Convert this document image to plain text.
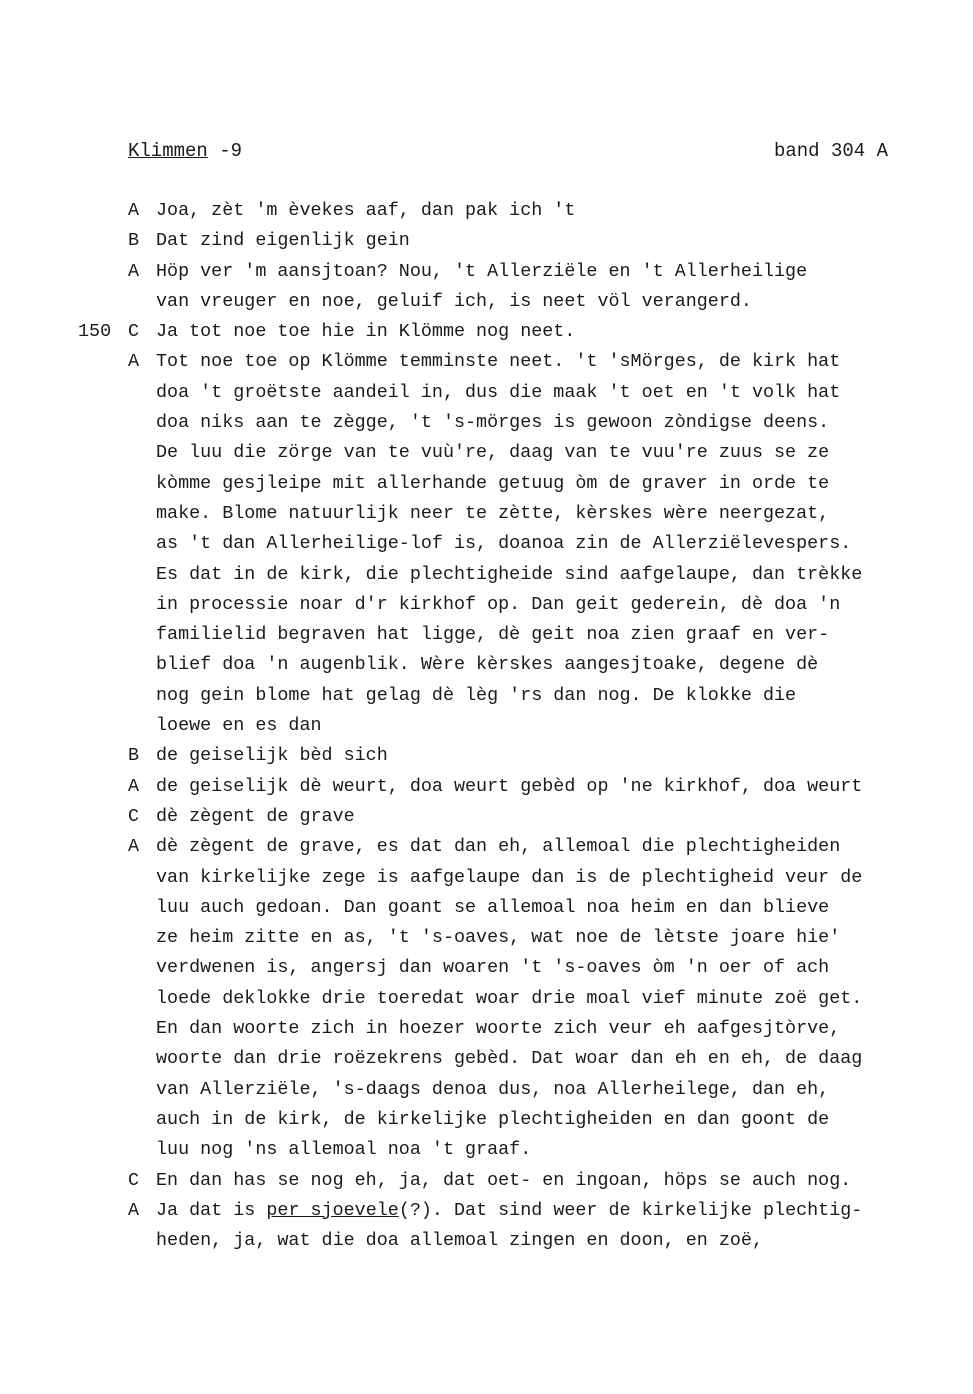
Klimmen -9	band 304 A
A Joa, zèt 'm èvekes aaf, dan pak ich 't
B Dat zind eigenlijk gein
A Höp ver 'm aansjtoan? Nou, 't Allerziële en 't Allerheilige
van vreuger en noe, geluif ich, is neet völ verangerd.
150 C Ja tot noe toe hie in Klömme nog neet.
A Tot noe toe op Klömme temminste neet. 't 'sMörges, de kirk hat
doa 't groëtste aandeil in, dus die maak 't oet en 't volk hat
doa niks aan te zègge, 't 's-mörges is gewoon zòndigse deens.
De luu die zörge van te vuù're, daag van te vuu're zuus se ze
kòmme gesjleipe mit allerhande getuug òm de graver in orde te
make. Blome natuurlijk neer te zètte, kèrskes wère neergezat,
as 't dan Allerheilige-lof is, doanoa zin de Allerziëlevespers.
Es dat in de kirk, die plechtigheide sind aafgelaupe, dan trèkke
in processie noar d'r kirkhof op. Dan geit gederein, dè doa 'n
familielid begraven hat ligge, dè geit noa zien graaf en ver-
blief doa 'n augenblik. Wère kèrskes aangesjtoake, degene dè
nog gein blome hat gelag dè lèg 'rs dan nog. De klokke die
loewe en es dan
B de geiselijk bèd sich
A de geiselijk dè weurt, doa weurt gebèd op 'ne kirkhof, doa weurt
C dè zègent de grave
A dè zègent de grave, es dat dan eh, allemoal die plechtigheiden
van kirkelijke zege is aafgelaupe dan is de plechtigheid veur de
luu auch gedoan. Dan goant se allemoal noa heim en dan blieve
ze heim zitte en as, 't 's-oaves, wat noe de lètste joare hie'
verdwenen is, angersj dan woaren 't 's-oaves òm 'n oer of ach
loede deklokke drie toeredat woar drie moal vief minute zoë get.
En dan woorte zich in hoezer woorte zich veur eh aafgesjtòrve,
woorte dan drie roëzekrens gebèd. Dat woar dan eh en eh, de daag
van Allerziële, 's-daags denoa dus, noa Allerheilege, dan eh,
auch in de kirk, de kirkelijke plechtigheiden en dan goont de
luu nog 'ns allemoal noa 't graaf.
C En dan has se nog eh, ja, dat oet- en ingoan, höps se auch nog.
A Ja dat is per sjoevele(?). Dat sind weer de kirkelijke plechtig-
heden, ja, wat die doa allemoal zingen en doon, en zoë,
